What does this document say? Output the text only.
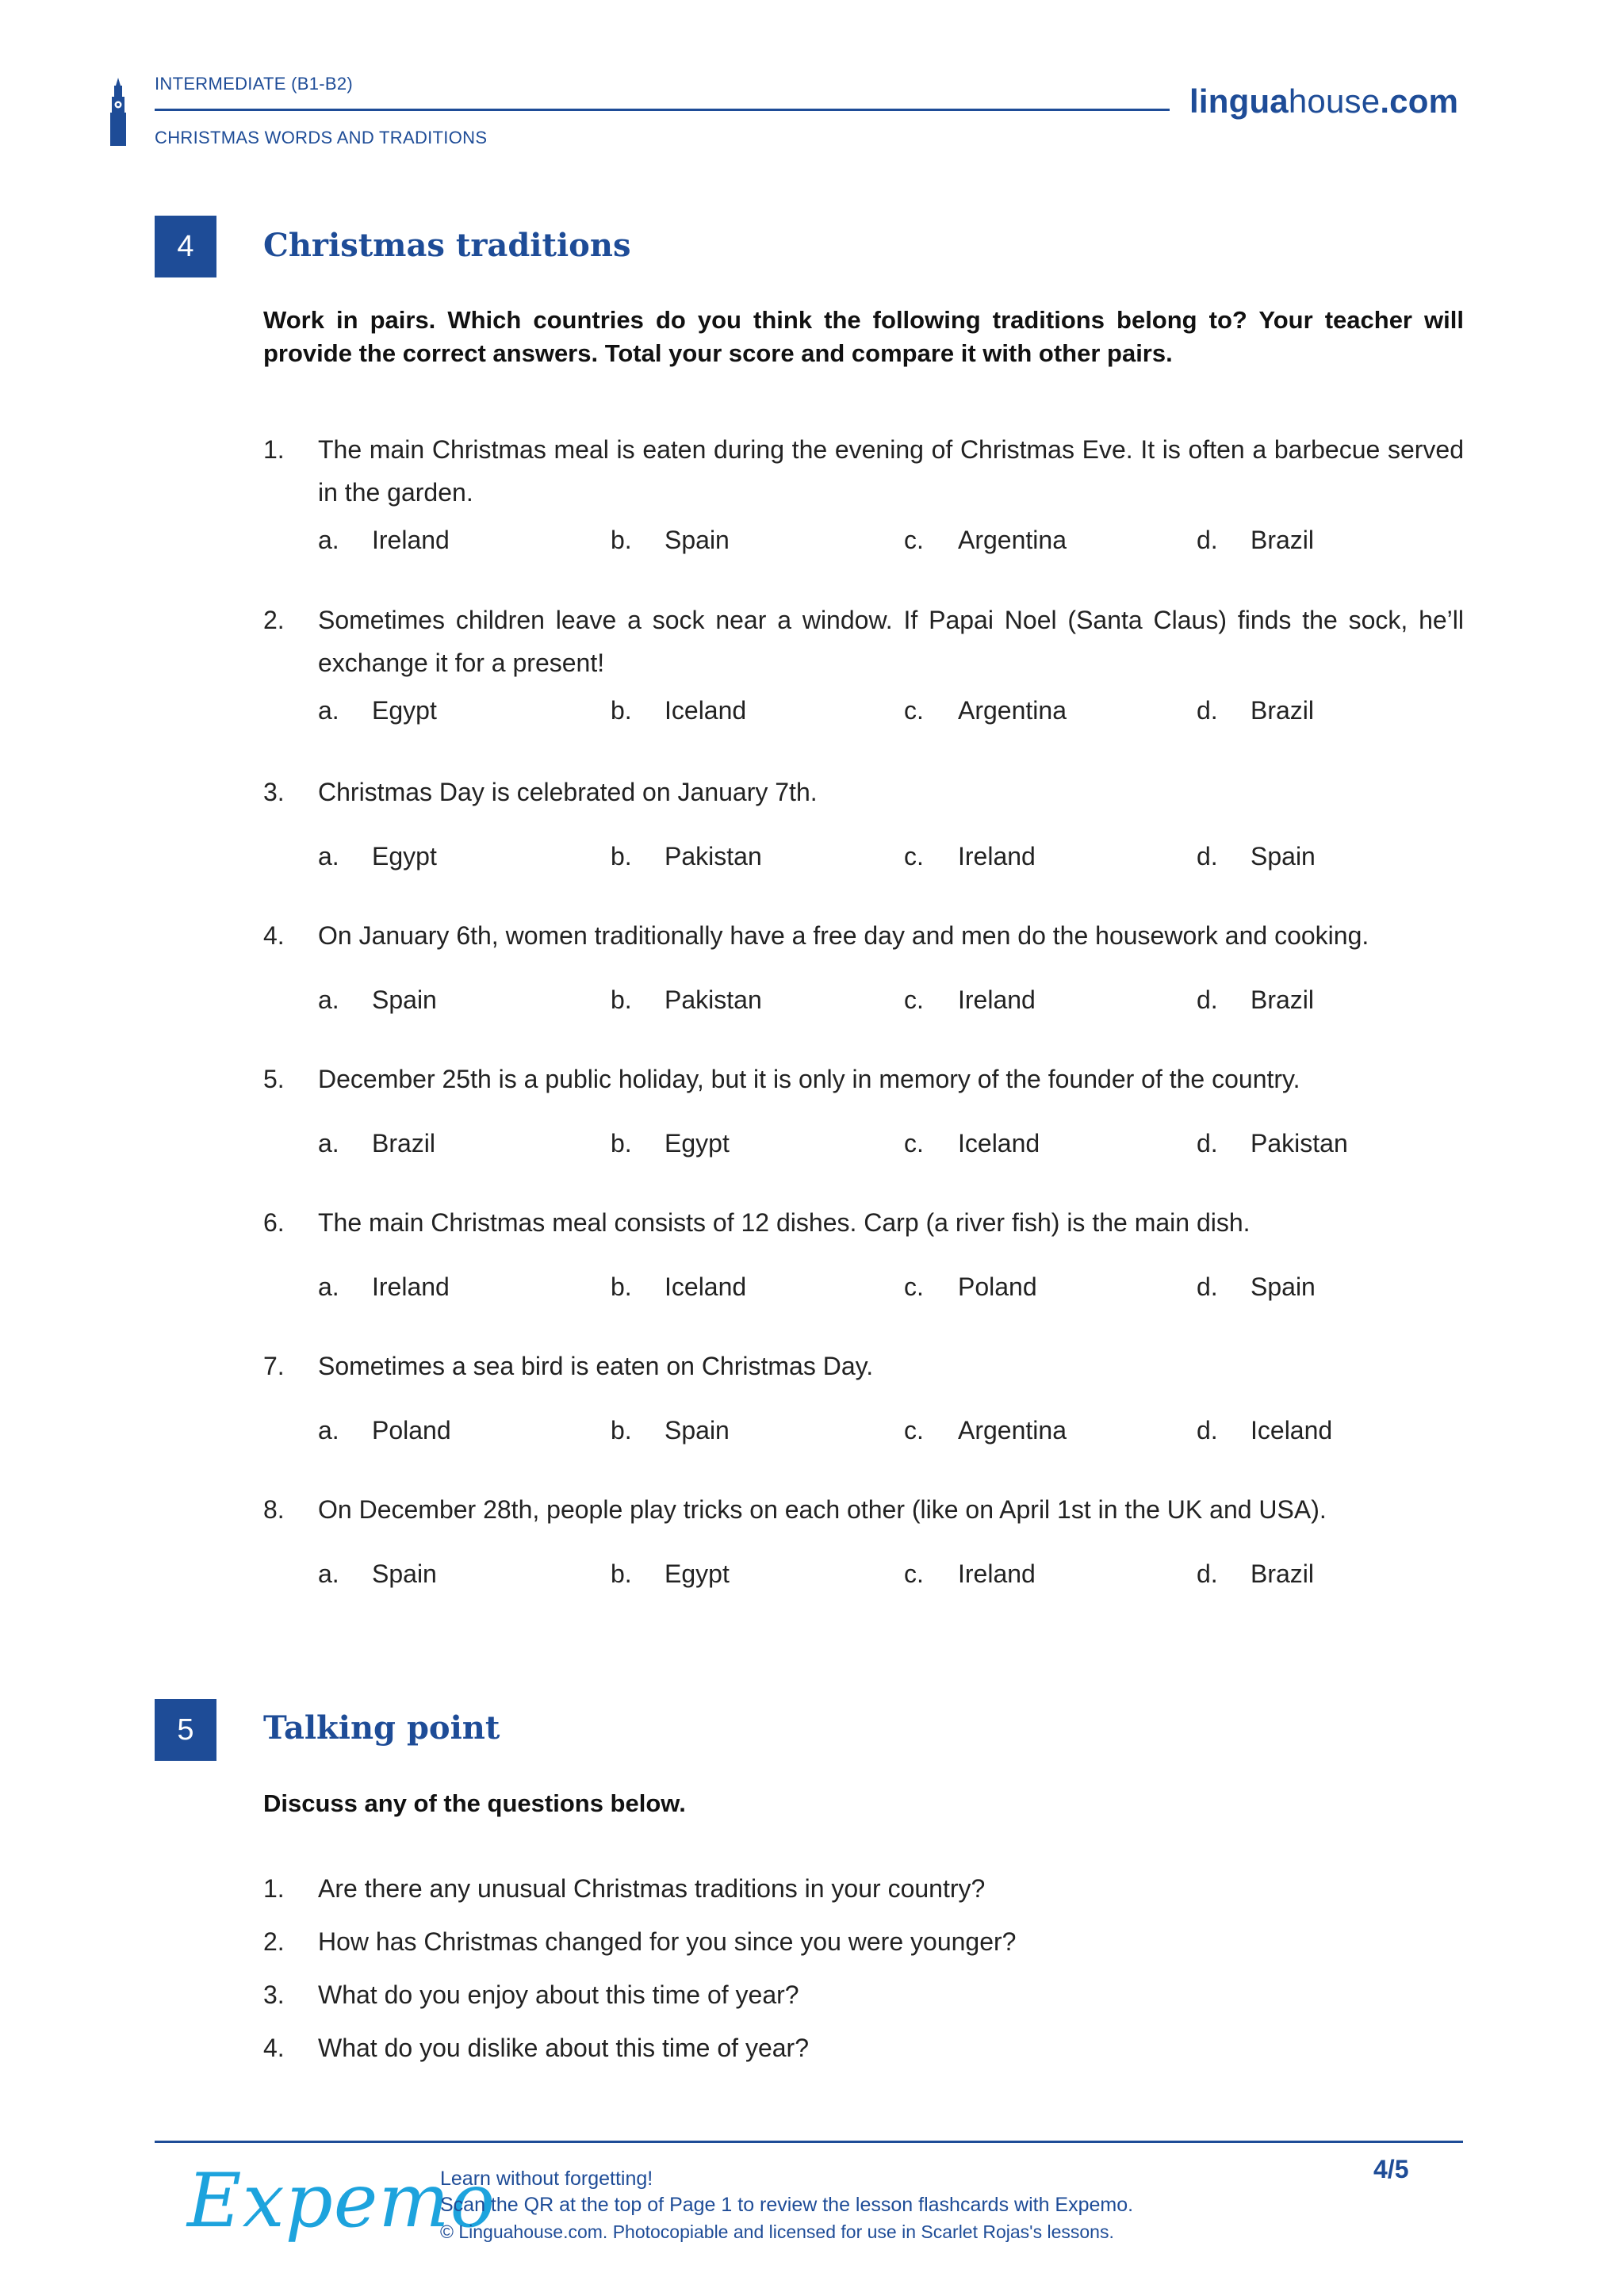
INTERMEDIATE (B1-B2)
CHRISTMAS WORDS AND TRADITIONS
linguahouse.com
4	Christmas traditions
Work in pairs. Which countries do you think the following traditions belong to? Your teacher will provide the correct answers. Total your score and compare it with other pairs.
1. The main Christmas meal is eaten during the evening of Christmas Eve. It is often a barbecue served in the garden.
a. Ireland	b. Spain	c. Argentina	d. Brazil
2. Sometimes children leave a sock near a window. If Papai Noel (Santa Claus) finds the sock, he’ll exchange it for a present!
a. Egypt	b. Iceland	c. Argentina	d. Brazil
3. Christmas Day is celebrated on January 7th.
a. Egypt	b. Pakistan	c. Ireland	d. Spain
4. On January 6th, women traditionally have a free day and men do the housework and cooking.
a. Spain	b. Pakistan	c. Ireland	d. Brazil
5. December 25th is a public holiday, but it is only in memory of the founder of the country.
a. Brazil	b. Egypt	c. Iceland	d. Pakistan
6. The main Christmas meal consists of 12 dishes. Carp (a river fish) is the main dish.
a. Ireland	b. Iceland	c. Poland	d. Spain
7. Sometimes a sea bird is eaten on Christmas Day.
a. Poland	b. Spain	c. Argentina	d. Iceland
8. On December 28th, people play tricks on each other (like on April 1st in the UK and USA).
a. Spain	b. Egypt	c. Ireland	d. Brazil
5	Talking point
Discuss any of the questions below.
1. Are there any unusual Christmas traditions in your country?
2. How has Christmas changed for you since you were younger?
3. What do you enjoy about this time of year?
4. What do you dislike about this time of year?
Expemo
Learn without forgetting!
Scan the QR at the top of Page 1 to review the lesson flashcards with Expemo.
© Linguahouse.com. Photocopiable and licensed for use in Scarlet Rojas's lessons.
4/5
